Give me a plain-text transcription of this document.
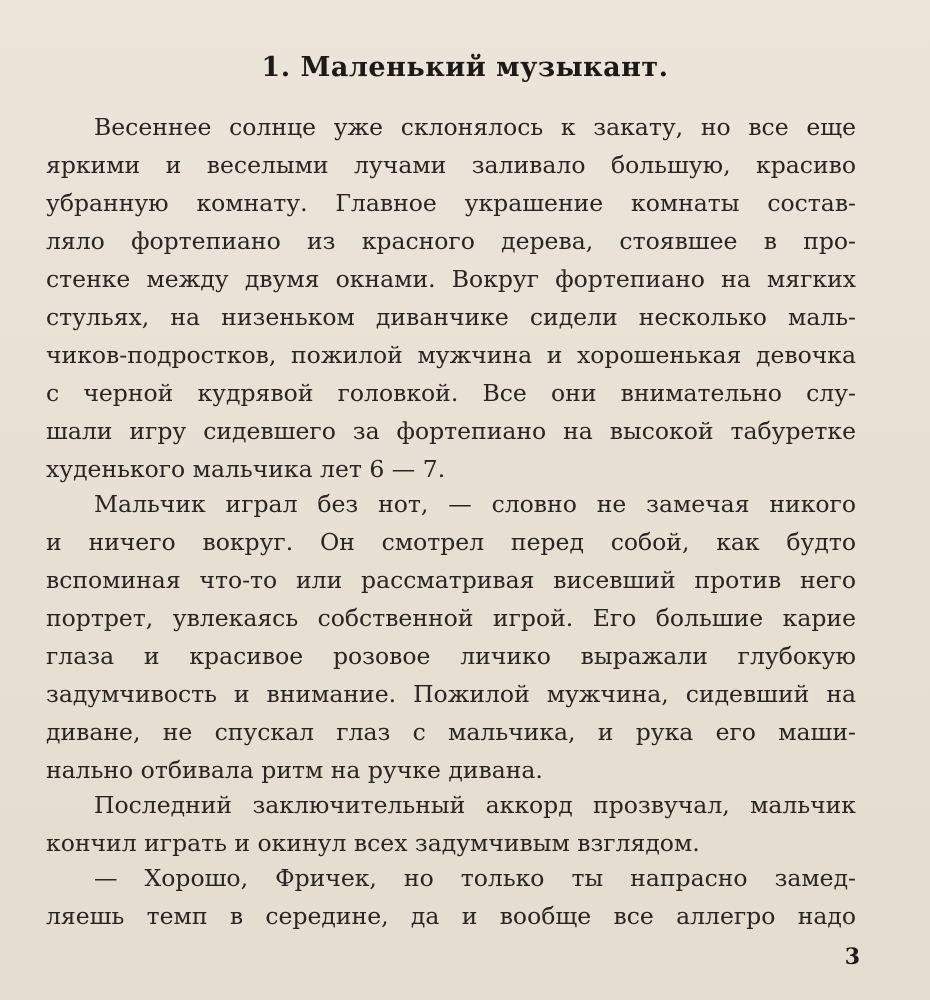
1. Маленький музыкант.
Весеннее солнце уже склонялось к закату, но все еще
яркими и веселыми лучами заливало большую, красиво
убранную комнату. Главное украшение комнаты состав-
ляло фортепиано из красного дерева, стоявшее в про-
стенке между двумя окнами. Вокруг фортепиано на мягких
стульях, на низеньком диванчике сидели несколько маль-
чиков-подростков, пожилой мужчина и хорошенькая девочка
с черной кудрявой головкой. Все они внимательно слу-
шали игру сидевшего за фортепиано на высокой табуретке
худенького мальчика лет 6 — 7.
Мальчик играл без нот, — словно не замечая никого
и ничего вокруг. Он смотрел перед собой, как будто
вспоминая что-то или рассматривая висевший против него
портрет, увлекаясь собственной игрой. Его большие карие
глаза и красивое розовое личико выражали глубокую
задумчивость и внимание. Пожилой мужчина, сидевший на
диване, не спускал глаз с мальчика, и рука его маши-
нально отбивала ритм на ручке дивана.
Последний заключительный аккорд прозвучал, мальчик
кончил играть и окинул всех задумчивым взглядом.
— Хорошо, Фричек, но только ты напрасно замед-
ляешь темп в середине, да и вообще все аллегро надо
3
